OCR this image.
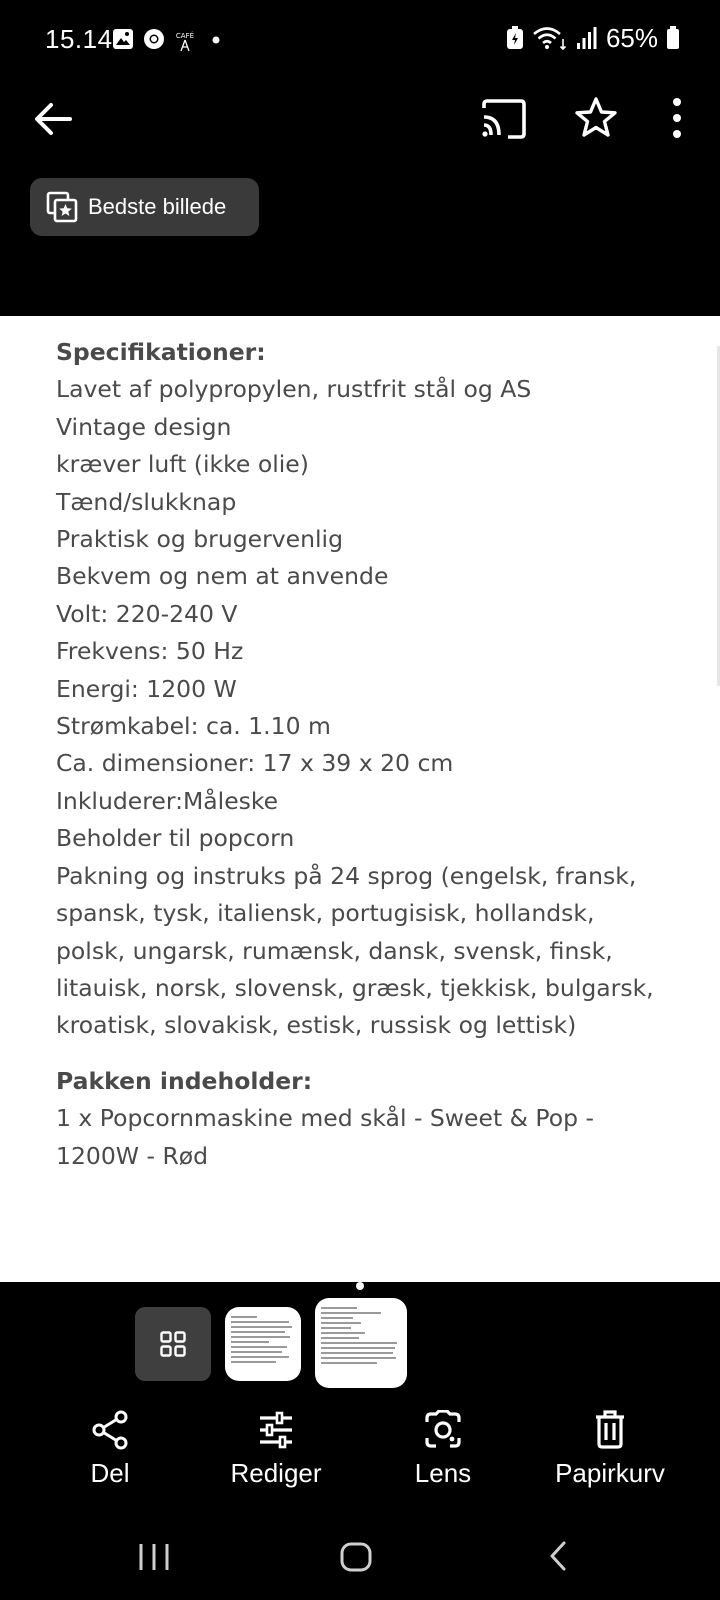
15.14	CAFÉ	65%
Bedste billede
Specifikationer:
Lavet af polypropylen, rustfrit stål og AS
Vintage design
kræver luft (ikke olie)
Tænd/slukknap
Praktisk og brugervenlig
Bekvem og nem at anvende
Volt: 220-240 V
Frekvens: 50 Hz
Energi: 1200 W
Strømkabel: ca. 1.10 m
Ca. dimensioner: 17 x 39 x 20 cm
Inkluderer:Måleske
Beholder til popcorn
Pakning og instruks på 24 sprog (engelsk, fransk,
spansk, tysk, italiensk, portugisisk, hollandsk,
polsk, ungarsk, rumænsk, dansk, svensk, finsk,
litauisk, norsk, slovensk, græsk, tjekkisk, bulgarsk,
kroatisk, slovakisk, estisk, russisk og lettisk)
Pakken indeholder:
1 x Popcornmaskine med skål - Sweet & Pop -
1200W - Rød
Del	Rediger	Lens	Papirkurv
